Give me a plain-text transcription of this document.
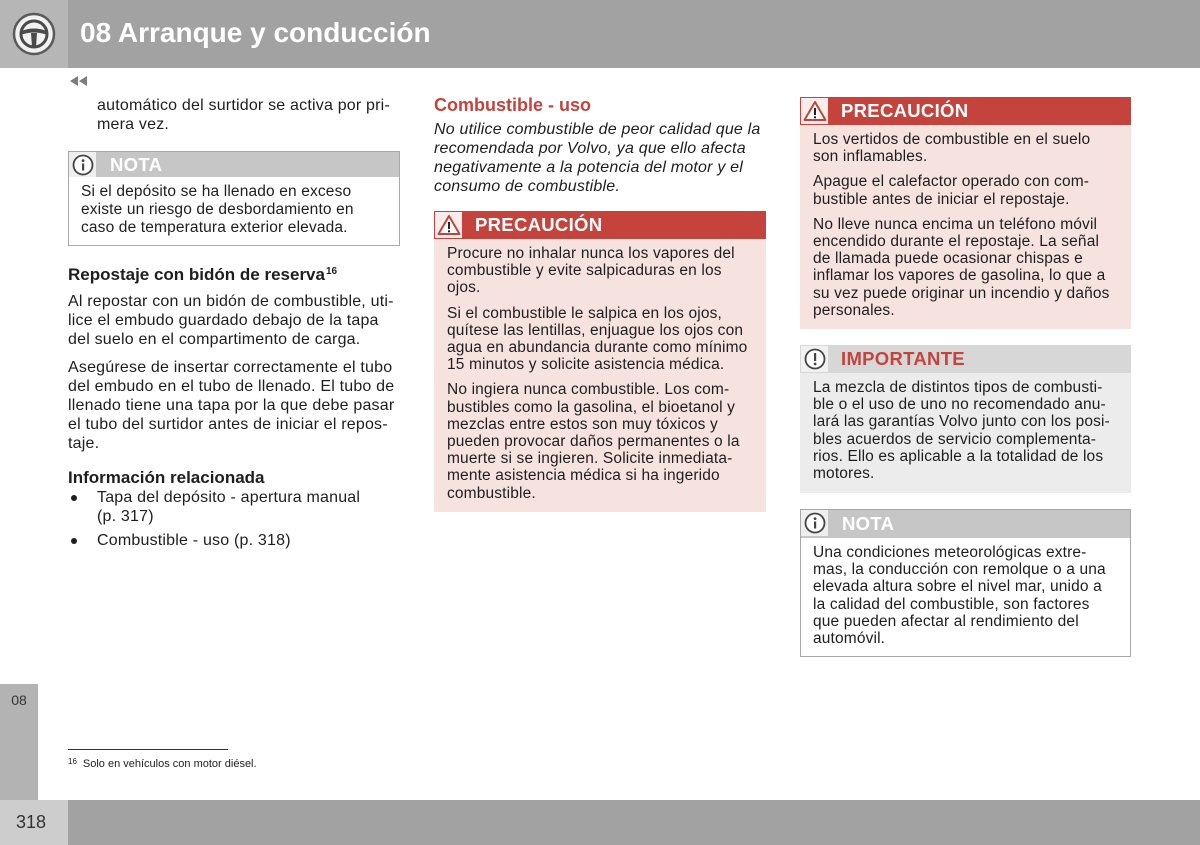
08 Arranque y conducción
automático del surtidor se activa por pri-
mera vez.
NOTA

Si el depósito se ha llenado en exceso
existe un riesgo de desbordamiento en
caso de temperatura exterior elevada.

Repostaje con bidón de reserva$^{16}$
Al repostar con un bidón de combustible, uti-
lice el embudo guardado debajo de la tapa
del suelo en el compartimento de carga.
Asegúrese de insertar correctamente el tubo
del embudo en el tubo de llenado. El tubo de
llenado tiene una tapa por la que debe pasar
el tubo del surtidor antes de iniciar el repos-
taje.
Información relacionada
Tapa del depósito - apertura manual
(p. 317)
Combustible - uso (p. 318)
Combustible - uso
No utilice combustible de peor calidad que la
recomendada por Volvo, ya que ello afecta
negativamente a la potencia del motor y el
consumo de combustible.
PRECAUCIÓN

Procure no inhalar nunca los vapores del
combustible y evite salpicaduras en los
ojos.

Si el combustible le salpica en los ojos,
quítese las lentillas, enjuague los ojos con
agua en abundancia durante como mínimo
15 minutos y solicite asistencia médica.

No ingiera nunca combustible. Los com-
bustibles como la gasolina, el bioetanol y
mezclas entre estos son muy tóxicos y
pueden provocar daños permanentes o la
muerte si se ingieren. Solicite inmediata-
mente asistencia médica si ha ingerido
combustible.

PRECAUCIÓN

Los vertidos de combustible en el suelo
son inflamables.

Apague el calefactor operado con com-
bustible antes de iniciar el repostaje.

No lleve nunca encima un teléfono móvil
encendido durante el repostaje. La señal
de llamada puede ocasionar chispas e
inflamar los vapores de gasolina, lo que a
su vez puede originar un incendio y daños
personales.

IMPORTANTE

La mezcla de distintos tipos de combusti-
ble o el uso de uno no recomendado anu-
lará las garantías Volvo junto con los posi-
bles acuerdos de servicio complementa-
rios. Ello es aplicable a la totalidad de los
motores.

NOTA

Una condiciones meteorológicas extre-
mas, la conducción con remolque o a una
elevada altura sobre el nivel mar, unido a
la calidad del combustible, son factores
que pueden afectar al rendimiento del
automóvil.

$^{16}$ Solo en vehículos con motor diésel.
08
318
